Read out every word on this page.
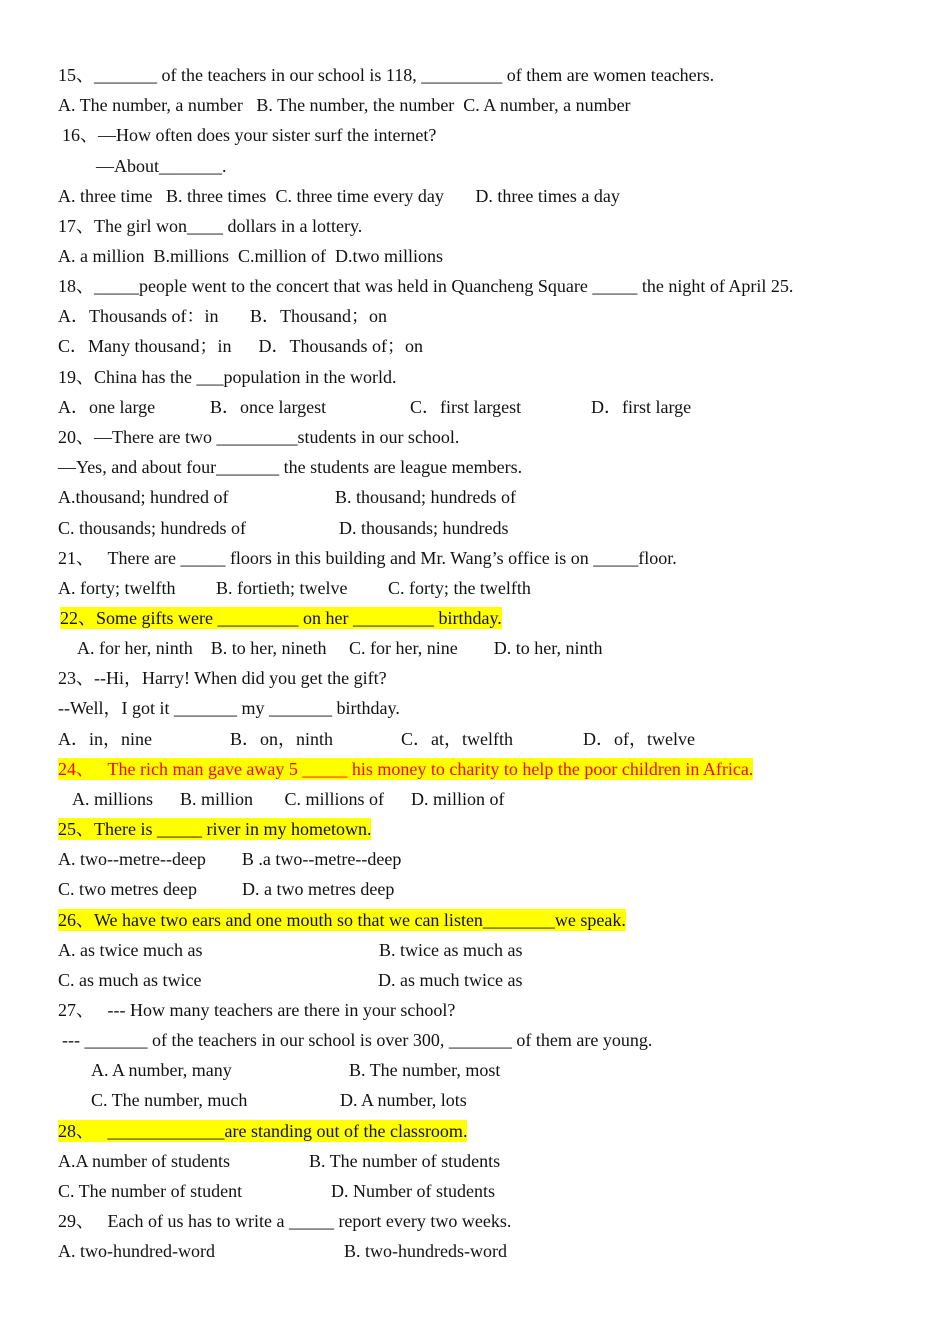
15、_______ of the teachers in our school is 118, _________ of them are women teachers.
A. The number, a number   B. The number, the number  C. A number, a number
16、—How often does your sister surf the internet?
—About_______.
A. three time   B. three times  C. three time every day       D. three times a day
17、The girl won____ dollars in a lottery.
A. a million  B.millions  C.million of  D.two millions
18、_____people went to the concert that was held in Quancheng Square _____ the night of April 25.
A．Thousands of：in       B．Thousand；on
C．Many thousand；in      D．Thousands of；on
19、China has the ___population in the world.
A．one large	B．once largest	C．first largest	D．first large
20、—There are two _________students in our school.
—Yes, and about four_______ the students are league members.
A.thousand; hundred of	B. thousand; hundreds of
C. thousands; hundreds of	D. thousands; hundreds
21、   There are _____ floors in this building and Mr. Wang’s office is on _____floor.
A. forty; twelfth         B. fortieth; twelve         C. forty; the twelfth
22、Some gifts were _________ on her _________ birthday.
A. for her, ninth    B. to her, nineth     C. for her, nine        D. to her, ninth
23、--Hi，Harry! When did you get the gift?
--Well，I got it _______ my _______ birthday.
A．in，nine	B．on，ninth	C．at，twelfth	D．of，twelve
24、   The rich man gave away 5 _____ his money to charity to help the poor children in Africa.
A. millions      B. million       C. millions of      D. million of
25、There is _____ river in my hometown.
A. two--metre--deep        B .a two--metre--deep
C. two metres deep          D. a two metres deep
26、We have two ears and one mouth so that we can listen________we speak.
A. as twice much as	B. twice as much as
C. as much as twice	D. as much twice as
27、   --- How many teachers are there in your school?
--- _______ of the teachers in our school is over 300, _______ of them are young.
A. A number, many	B. The number, most
C. The number, much	D. A number, lots
28、   _____________are standing out of the classroom.
A.A number of students	B. The number of students
C. The number of student	D. Number of students
29、   Each of us has to write a _____ report every two weeks.
A. two-hundred-word	B. two-hundreds-word
